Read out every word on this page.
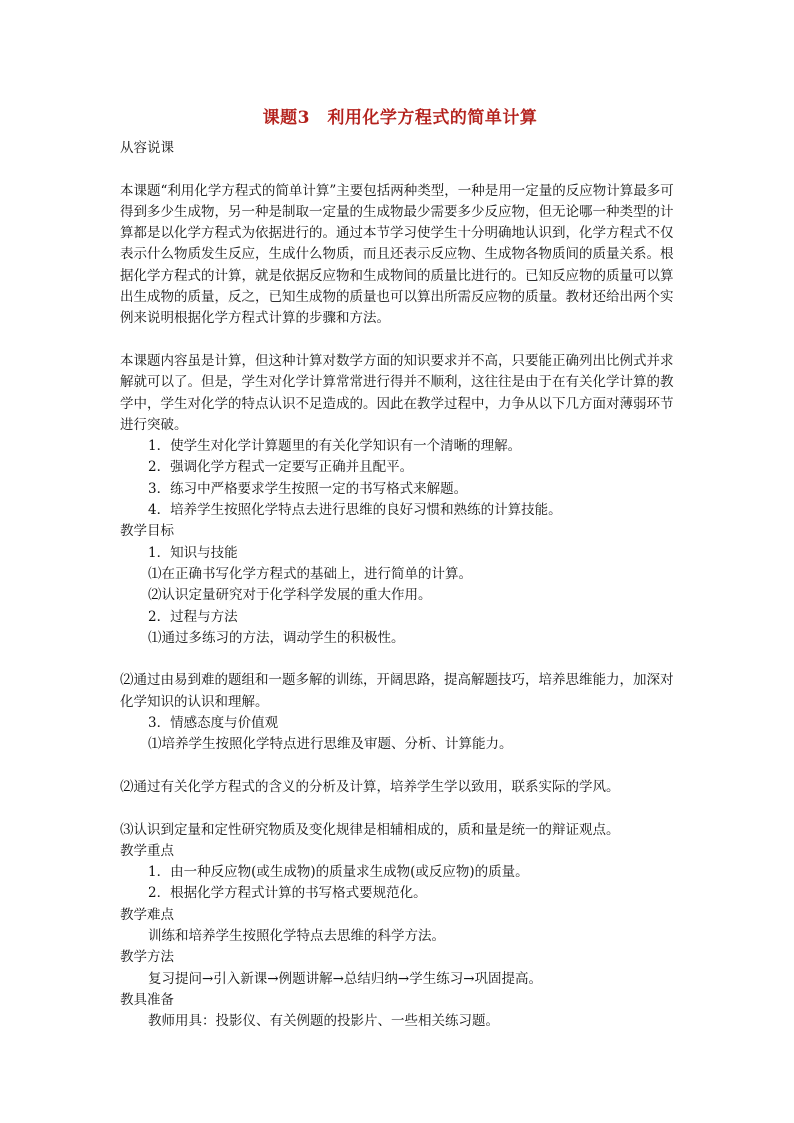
课题3　利用化学方程式的简单计算
从容说课
本课题“利用化学方程式的简单计算”主要包括两种类型，一种是用一定量的反应物计算最多可得到多少生成物，另一种是制取一定量的生成物最少需要多少反应物，但无论哪一种类型的计算都是以化学方程式为依据进行的。通过本节学习使学生十分明确地认识到，化学方程式不仅表示什么物质发生反应，生成什么物质，而且还表示反应物、生成物各物质间的质量关系。根据化学方程式的计算，就是依据反应物和生成物间的质量比进行的。已知反应物的质量可以算出生成物的质量，反之，已知生成物的质量也可以算出所需反应物的质量。教材还给出两个实例来说明根据化学方程式计算的步骤和方法。
本课题内容虽是计算，但这种计算对数学方面的知识要求并不高，只要能正确列出比例式并求解就可以了。但是，学生对化学计算常常进行得并不顺利，这往往是由于在有关化学计算的教学中，学生对化学的特点认识不足造成的。因此在教学过程中，力争从以下几方面对薄弱环节进行突破。
1．使学生对化学计算题里的有关化学知识有一个清晰的理解。
2．强调化学方程式一定要写正确并且配平。
3．练习中严格要求学生按照一定的书写格式来解题。
4．培养学生按照化学特点去进行思维的良好习惯和熟练的计算技能。
教学目标
1．知识与技能
⑴在正确书写化学方程式的基础上，进行简单的计算。
⑵认识定量研究对于化学科学发展的重大作用。
2．过程与方法
⑴通过多练习的方法，调动学生的积极性。
⑵通过由易到难的题组和一题多解的训练，开阔思路，提高解题技巧，培养思维能力，加深对化学知识的认识和理解。
3．情感态度与价值观
⑴培养学生按照化学特点进行思维及审题、分析、计算能力。
⑵通过有关化学方程式的含义的分析及计算，培养学生学以致用，联系实际的学风。
⑶认识到定量和定性研究物质及变化规律是相辅相成的，质和量是统一的辩证观点。
教学重点
1．由一种反应物(或生成物)的质量求生成物(或反应物)的质量。
2．根据化学方程式计算的书写格式要规范化。
教学难点
训练和培养学生按照化学特点去思维的科学方法。
教学方法
复习提问→引入新课→例题讲解→总结归纳→学生练习→巩固提高。
教具准备
教师用具：投影仪、有关例题的投影片、一些相关练习题。
